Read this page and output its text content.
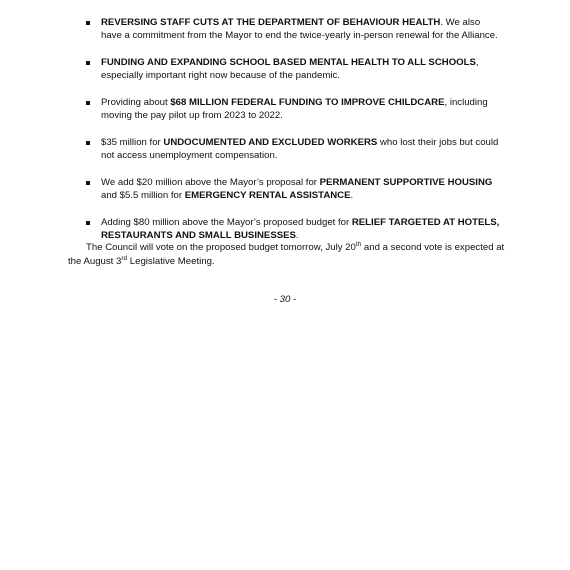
REVERSING STAFF CUTS AT THE DEPARTMENT OF BEHAVIOUR HEALTH. We also have a commitment from the Mayor to end the twice-yearly in-person renewal for the Alliance.
FUNDING AND EXPANDING SCHOOL BASED MENTAL HEALTH TO ALL SCHOOLS, especially important right now because of the pandemic.
Providing about $68 MILLION FEDERAL FUNDING TO IMPROVE CHILDCARE, including moving the pay pilot up from 2023 to 2022.
$35 million for UNDOCUMENTED AND EXCLUDED WORKERS who lost their jobs but could not access unemployment compensation.
We add $20 million above the Mayor’s proposal for PERMANENT SUPPORTIVE HOUSING and $5.5 million for EMERGENCY RENTAL ASSISTANCE.
Adding $80 million above the Mayor’s proposed budget for RELIEF TARGETED AT HOTELS, RESTAURANTS AND SMALL BUSINESSES.

The Council will vote on the proposed budget tomorrow, July 20th and a second vote is expected at the August 3rd Legislative Meeting.

- 30 -
